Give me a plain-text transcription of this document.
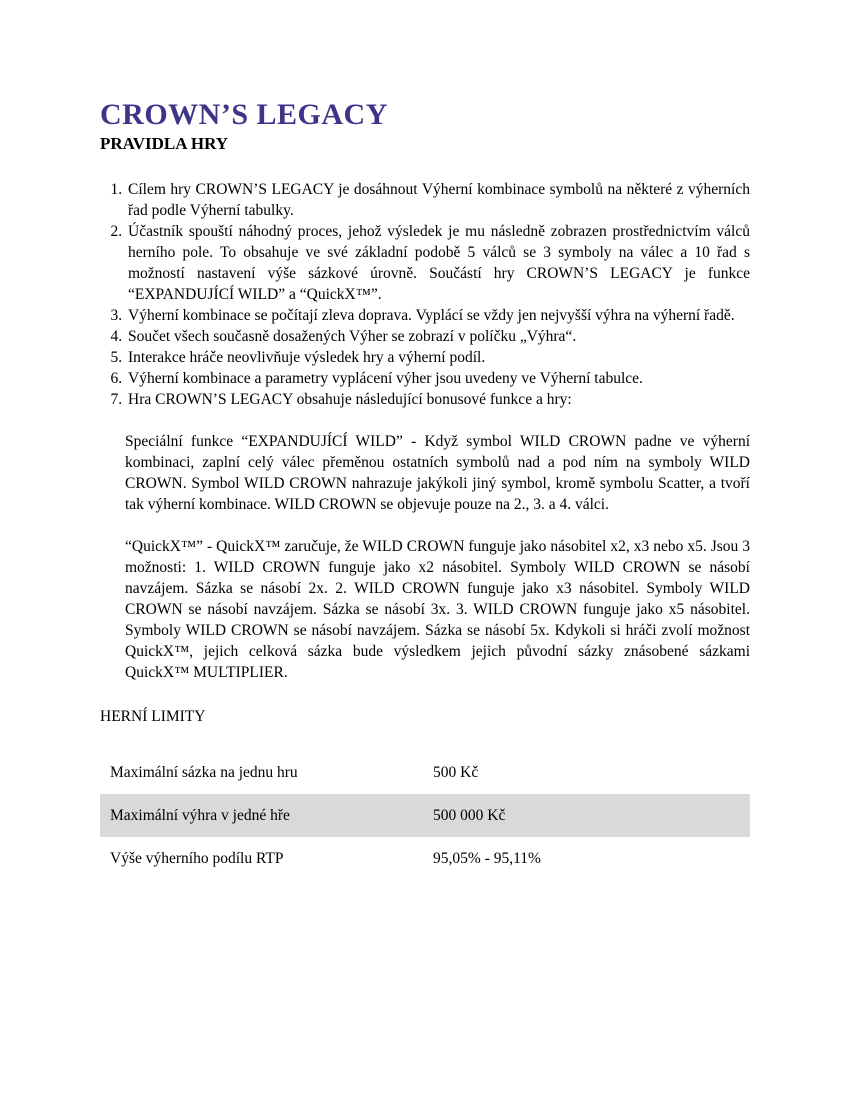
CROWN’S LEGACY
PRAVIDLA HRY
1. Cílem hry CROWN’S LEGACY je dosáhnout Výherní kombinace symbolů na některé z výherních řad podle Výherní tabulky.
2. Účastník spouští náhodný proces, jehož výsledek je mu následně zobrazen prostřednictvím válců herního pole. To obsahuje ve své základní podobě 5 válců se 3 symboly na válec a 10 řad s možností nastavení výše sázkové úrovně. Součástí hry CROWN’S LEGACY je funkce “EXPANDUJÍCÍ WILD” a “QuickX™”.
3. Výherní kombinace se počítají zleva doprava. Vyplácí se vždy jen nejvyšší výhra na výherní řadě.
4. Součet všech současně dosažených Výher se zobrazí v políčku „Výhra“.
5. Interakce hráče neovlivňuje výsledek hry a výherní podíl.
6. Výherní kombinace a parametry vyplácení výher jsou uvedeny ve Výherní tabulce.
7. Hra CROWN’S LEGACY obsahuje následující bonusové funkce a hry:

Speciální funkce “EXPANDUJÍCÍ WILD” - Když symbol WILD CROWN padne ve výherní kombinaci, zaplní celý válec přeměnou ostatních symbolů nad a pod ním na symboly WILD CROWN. Symbol WILD CROWN nahrazuje jakýkoli jiný symbol, kromě symbolu Scatter, a tvoří tak výherní kombinace. WILD CROWN se objevuje pouze na 2., 3. a 4. válci.

“QuickX™” - QuickX™ zaručuje, že WILD CROWN funguje jako násobitel x2, x3 nebo x5. Jsou 3 možnosti: 1. WILD CROWN funguje jako x2 násobitel. Symboly WILD CROWN se násobí navzájem. Sázka se násobí 2x. 2. WILD CROWN funguje jako x3 násobitel. Symboly WILD CROWN se násobí navzájem. Sázka se násobí 3x. 3. WILD CROWN funguje jako x5 násobitel. Symboly WILD CROWN se násobí navzájem. Sázka se násobí 5x. Kdykoli si hráči zvolí možnost QuickX™, jejich celková sázka bude výsledkem jejich původní sázky znásobené sázkami QuickX™ MULTIPLIER.

HERNÍ LIMITY
Maximální sázka na jednu hru	500 Kč
Maximální výhra v jedné hře	500 000 Kč
Výše výherního podílu RTP	95,05% - 95,11%
